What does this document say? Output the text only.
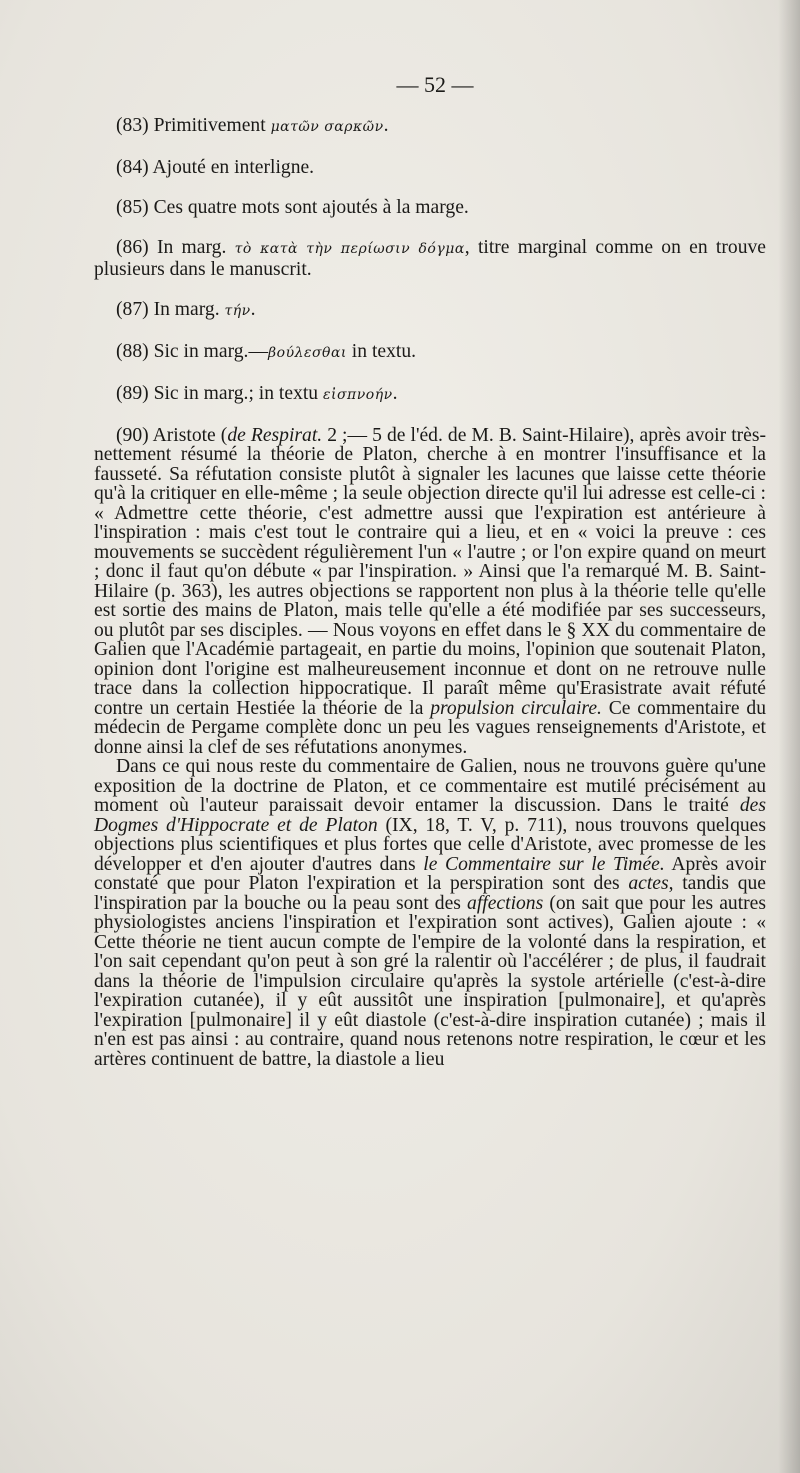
— 52 —

(83) Primitivement ματῶν σαρκῶν.

(84) Ajouté en interligne.

(85) Ces quatre mots sont ajoutés à la marge.

(86) In marg. τὸ κατὰ τὴν περίωσιν δόγμα, titre marginal comme on en trouve plusieurs dans le manuscrit.

(87) In marg. τήν.

(88) Sic in marg.—βούλεσθαι in textu.

(89) Sic in marg.; in textu εἰσπνοήν.

(90) Aristote (de Respirat. 2 ;— 5 de l'éd. de M. B. Saint-Hilaire), après avoir très-nettement résumé la théorie de Platon, cherche à en montrer l'insuffisance et la fausseté. Sa réfutation consiste plutôt à signaler les lacunes que laisse cette théorie qu'à la critiquer en elle-même ; la seule objection directe qu'il lui adresse est celle-ci : « Admettre cette théorie, c'est admettre aussi que l'expiration est antérieure à l'inspiration : mais c'est tout le contraire qui a lieu, et en « voici la preuve : ces mouvements se succèdent régulièrement l'un « l'autre ; or l'on expire quand on meurt ; donc il faut qu'on débute « par l'inspiration. » Ainsi que l'a remarqué M. B. Saint-Hilaire (p. 363), les autres objections se rapportent non plus à la théorie telle qu'elle est sortie des mains de Platon, mais telle qu'elle a été modifiée par ses successeurs, ou plutôt par ses disciples. — Nous voyons en effet dans le § XX du commentaire de Galien que l'Académie partageait, en partie du moins, l'opinion que soutenait Platon, opinion dont l'origine est malheureusement inconnue et dont on ne retrouve nulle trace dans la collection hippocratique. Il paraît même qu'Erasistrate avait réfuté contre un certain Hestiée la théorie de la propulsion circulaire. Ce commentaire du médecin de Pergame complète donc un peu les vagues renseignements d'Aristote, et donne ainsi la clef de ses réfutations anonymes.

Dans ce qui nous reste du commentaire de Galien, nous ne trouvons guère qu'une exposition de la doctrine de Platon, et ce commentaire est mutilé précisément au moment où l'auteur paraissait devoir entamer la discussion. Dans le traité des Dogmes d'Hippocrate et de Platon (IX, 18, T. V, p. 711), nous trouvons quelques objections plus scientifiques et plus fortes que celle d'Aristote, avec promesse de les développer et d'en ajouter d'autres dans le Commentaire sur le Timée. Après avoir constaté que pour Platon l'expiration et la perspiration sont des actes, tandis que l'inspiration par la bouche ou la peau sont des affections (on sait que pour les autres physiologistes anciens l'inspiration et l'expiration sont actives), Galien ajoute : « Cette théorie ne tient aucun compte de l'empire de la volonté dans la respiration, et l'on sait cependant qu'on peut à son gré la ralentir où l'accélérer ; de plus, il faudrait dans la théorie de l'impulsion circulaire qu'après la systole artérielle (c'est-à-dire l'expiration cutanée), il y eût aussitôt une inspiration [pulmonaire], et qu'après l'expiration [pulmonaire] il y eût diastole (c'est-à-dire inspiration cutanée) ; mais il n'en est pas ainsi : au contraire, quand nous retenons notre respiration, le cœur et les artères continuent de battre, la diastole a lieu
